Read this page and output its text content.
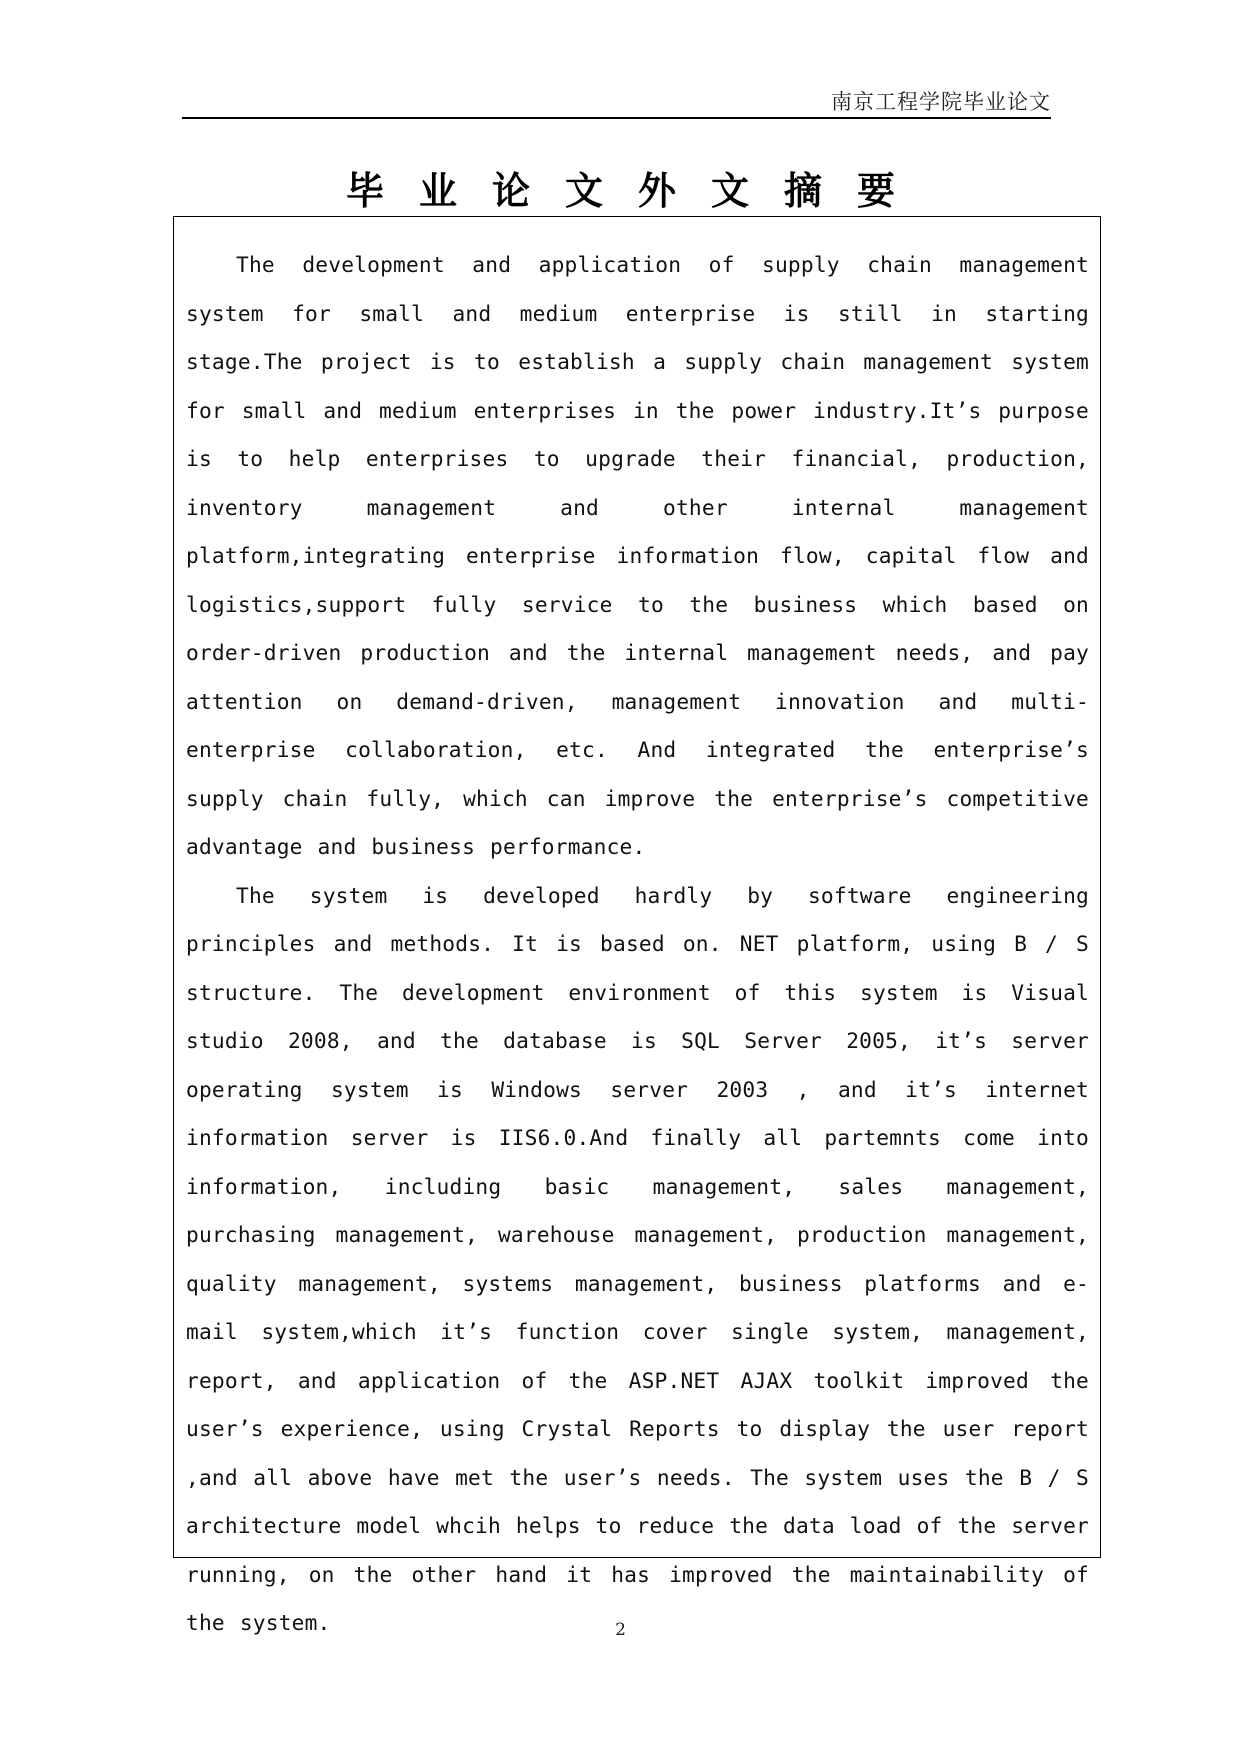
南京工程学院毕业论文
毕业论文外文摘要

The development and application of supply chain management system for small and medium enterprise is still in starting stage.The project is to establish a supply chain management system for small and medium enterprises in the power industry.It’s purpose is to help enterprises to upgrade their financial, production, inventory management and other internal management platform,integrating enterprise information flow, capital flow and logistics,support fully service to the business which based on order-driven production and the internal management needs, and pay attention on demand-driven, management innovation and multi-enterprise collaboration, etc. And integrated the enterprise’s supply chain fully, which can improve the enterprise’s competitive advantage and business performance.

The system is developed hardly by software engineering principles and methods. It is based on. NET platform, using B / S structure. The development environment of this system is Visual studio 2008, and the database is SQL Server 2005, it’s server operating system is Windows server 2003 , and it’s internet information server is IIS6.0.And finally all partemnts come into information, including basic management, sales management, purchasing management, warehouse management, production management, quality management, systems management, business platforms and e-mail system,which it’s function cover single system, management, report, and application of the ASP.NET AJAX toolkit improved the user’s experience, using Crystal Reports to display the user report ,and all above have met the user’s needs. The system uses the B / S architecture model whcih helps to reduce the data load of the server running, on the other hand it has improved the maintainability of the system.	2
